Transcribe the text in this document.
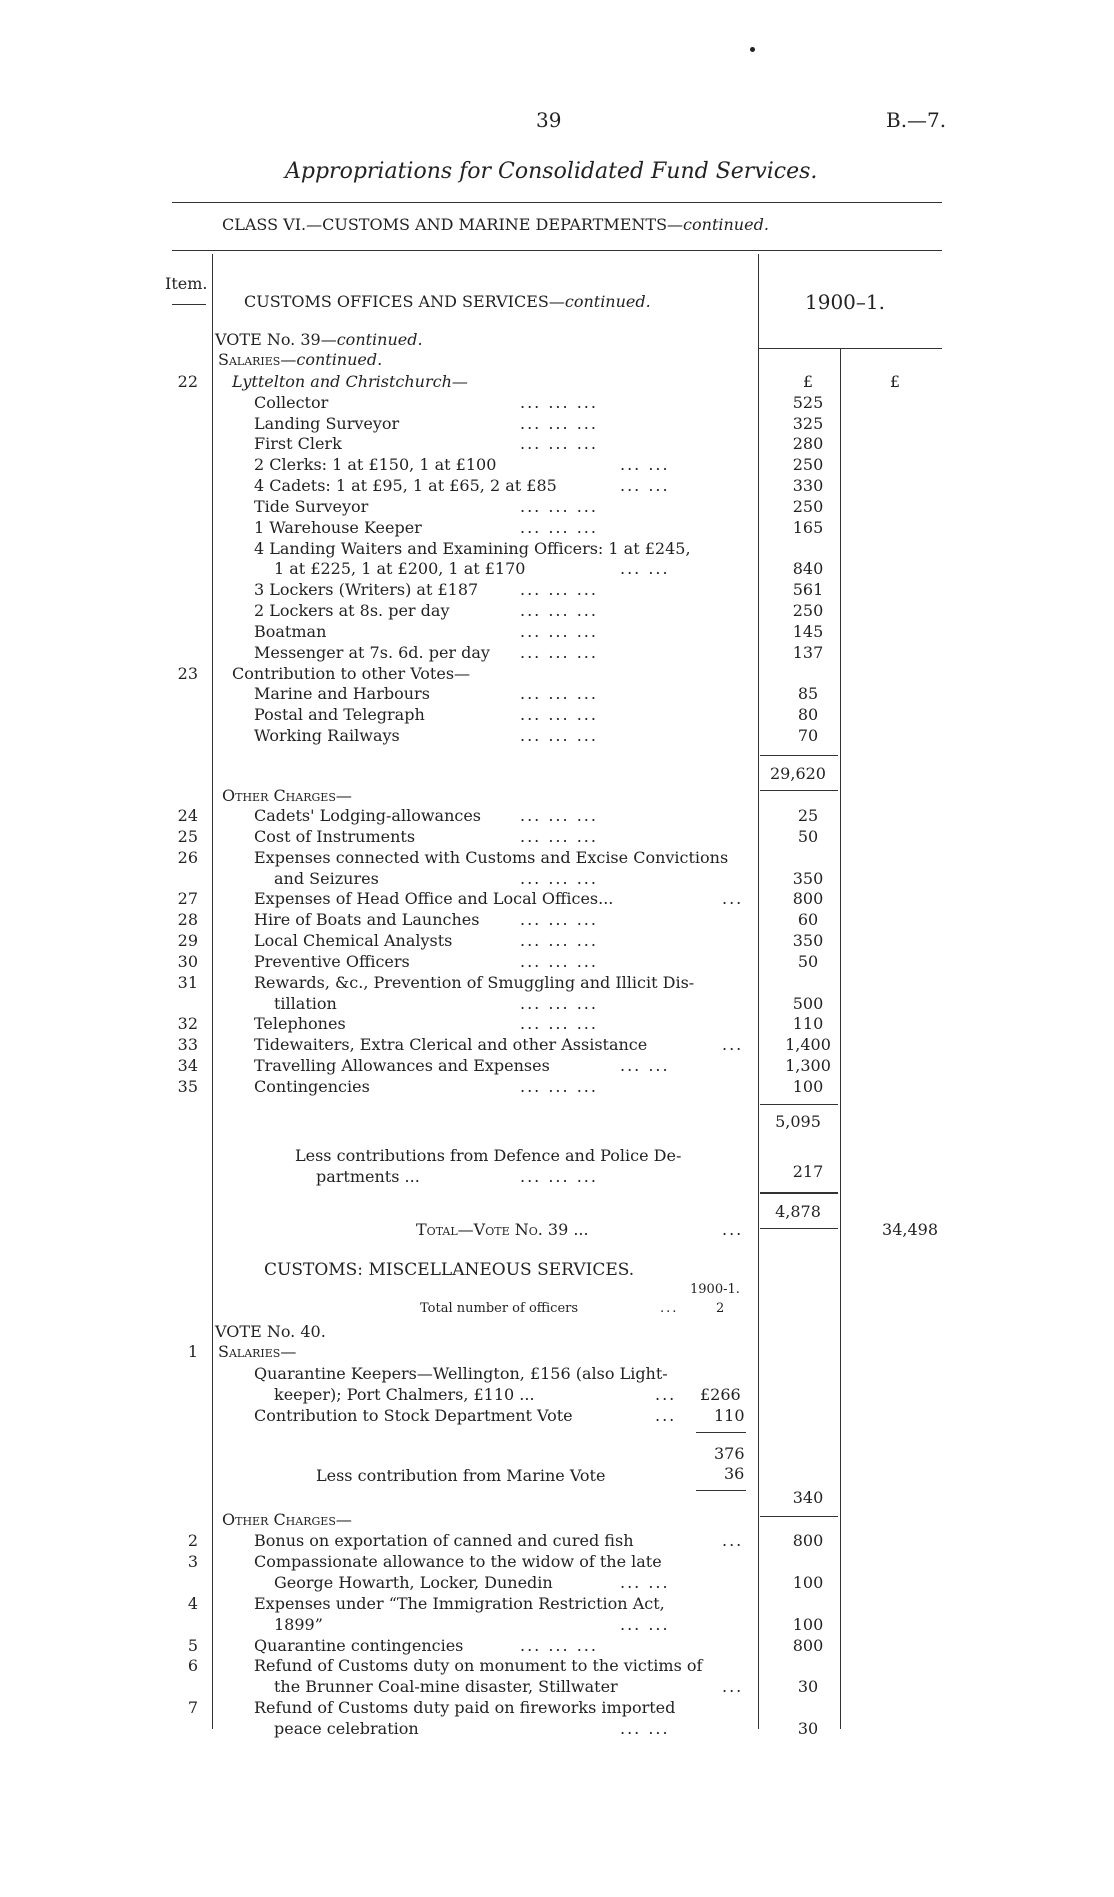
39	B.—7.
Appropriations for Consolidated Fund Services.
CLASS VI.—CUSTOMS AND MARINE DEPARTMENTS—continued.
Item.
CUSTOMS OFFICES AND SERVICES—continued.	1900–1.
VOTE No. 39—continued.
Salaries—continued.
£	£
22 Lyttelton and Christchurch—
Collector	... ... ...	525
Landing Surveyor	... ... ...	325
First Clerk	... ... ...	280
2 Clerks: 1 at £150, 1 at £100	... ...	250
4 Cadets: 1 at £95, 1 at £65, 2 at £85	... ...	330
Tide Surveyor	... ... ...	250
1 Warehouse Keeper	... ... ...	165
4 Landing Waiters and Examining Officers: 1 at £245,
1 at £225, 1 at £200, 1 at £170	... ...	840
3 Lockers (Writers) at £187	... ... ...	561
2 Lockers at 8s. per day	... ... ...	250
Boatman	... ... ...	145
Messenger at 7s. 6d. per day ... ... ...	137
23 Contribution to other Votes—
Marine and Harbours	... ... ...	85
Postal and Telegraph	... ... ...	80
Working Railways	... ... ...	70
29,620
Other Charges—
24	Cadets' Lodging-allowances ... ... ...	25
25	Cost of Instruments	... ... ...	50
26	Expenses connected with Customs and Excise Convictions
and Seizures	... ... ...	350
27	Expenses of Head Office and Local Offices...	...	800
28	Hire of Boats and Launches	... ... ...	60
29	Local Chemical Analysts	... ... ...	350
30	Preventive Officers	... ... ...	50
31	Rewards, &c., Prevention of Smuggling and Illicit Dis-
tillation	... ... ...	500
32	Telephones	... ... ...	110
33	Tidewaiters, Extra Clerical and other Assistance	...	1,400
34	Travelling Allowances and Expenses	... ...	1,300
35	Contingencies	... ... ...	100
5,095
Less contributions from Defence and Police De-
partments ...	... ... ...	217
4,878
Total—Vote No. 39 ...	...	34,498
CUSTOMS: MISCELLANEOUS SERVICES.
1900-1.
Total number of officers	...	2
VOTE No. 40.
1 Salaries—
Quarantine Keepers—Wellington, £156 (also Light-
keeper); Port Chalmers, £110 ...	... £266
Contribution to Stock Department Vote	... 110
376
Less contribution from Marine Vote	36
340
Other Charges—
2	Bonus on exportation of canned and cured fish	...	800
3	Compassionate allowance to the widow of the late
George Howarth, Locker, Dunedin	... ...	100
4	Expenses under “The Immigration Restriction Act,
1899”	... ...	100
5	Quarantine contingencies	... ... ...	800
6	Refund of Customs duty on monument to the victims of
the Brunner Coal-mine disaster, Stillwater	...	30
7	Refund of Customs duty paid on fireworks imported
peace celebration	... ...	30
